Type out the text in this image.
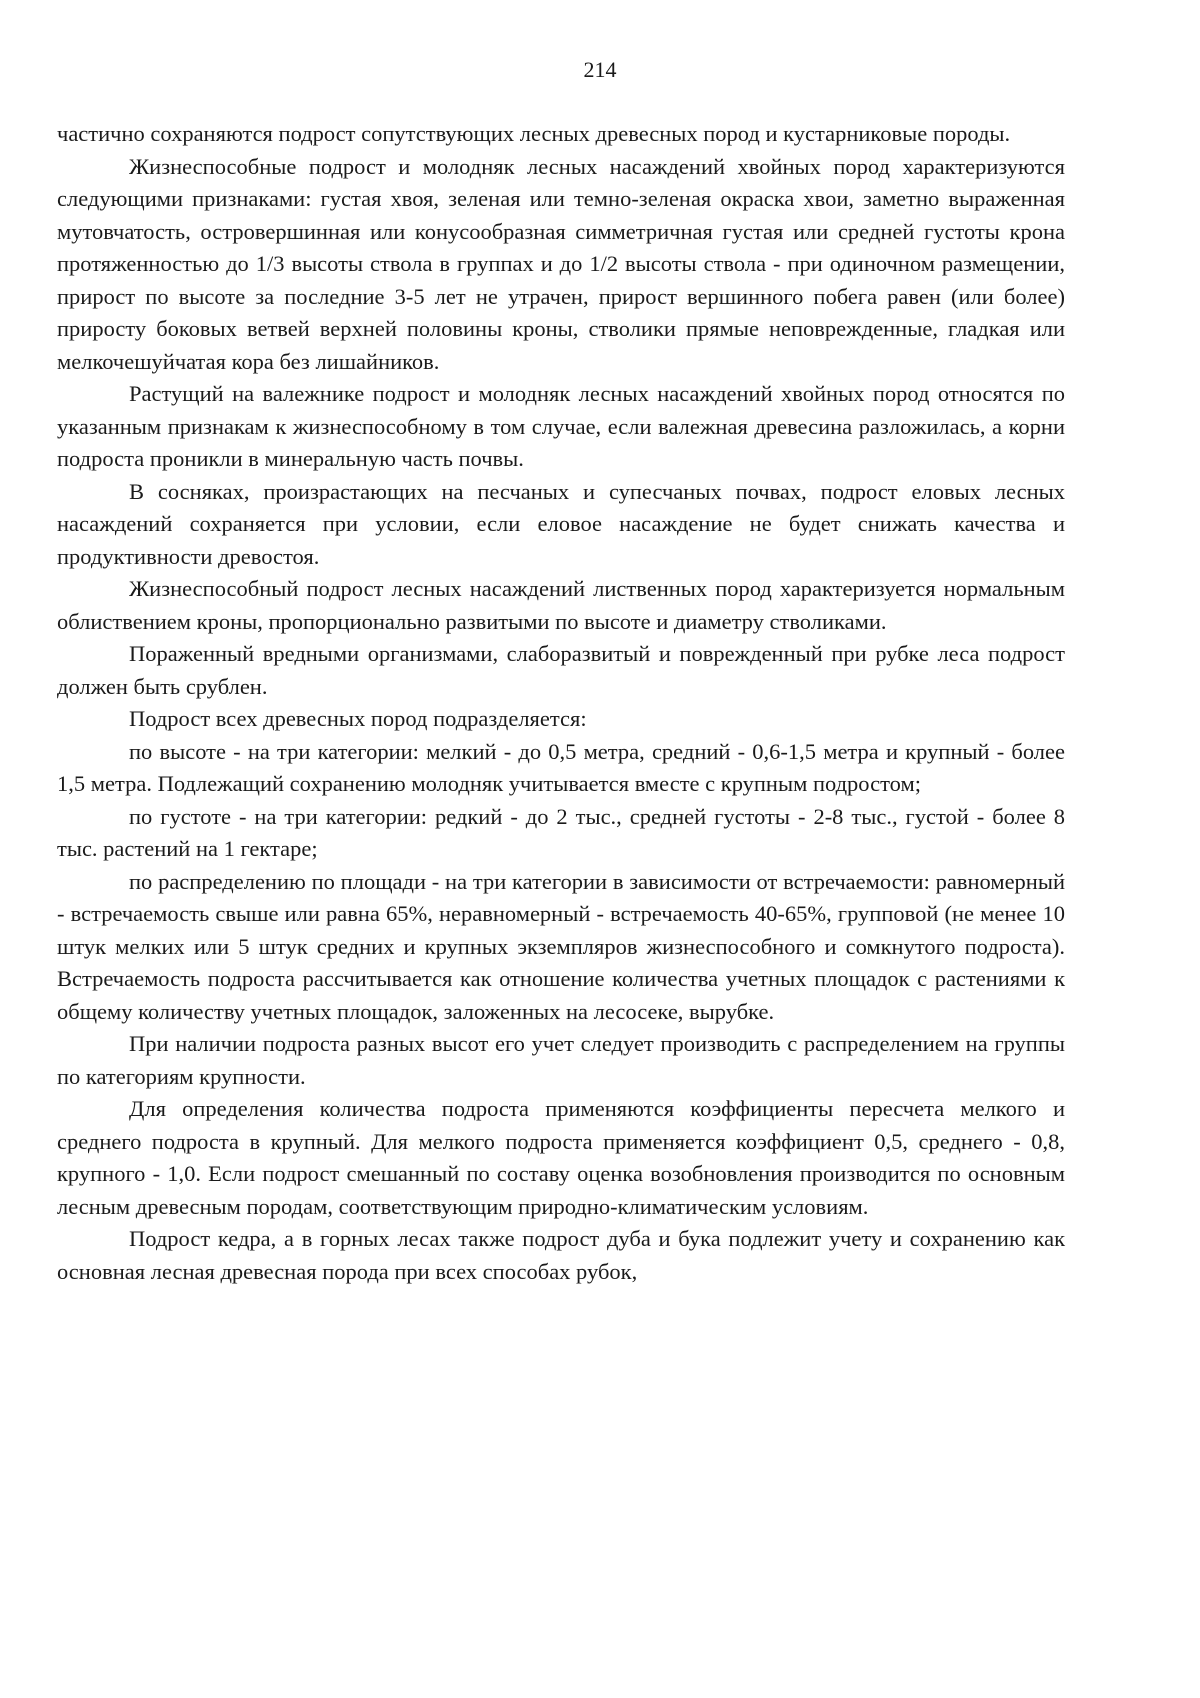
214

частично сохраняются подрост сопутствующих лесных древесных пород и кустарниковые породы.

Жизнеспособные подрост и молодняк лесных насаждений хвойных пород характеризуются следующими признаками: густая хвоя, зеленая или темно-зеленая окраска хвои, заметно выраженная мутовчатость, островершинная или конусообразная симметричная густая или средней густоты крона протяженностью до 1/3 высоты ствола в группах и до 1/2 высоты ствола - при одиночном размещении, прирост по высоте за последние 3-5 лет не утрачен, прирост вершинного побега равен (или более) приросту боковых ветвей верхней половины кроны, стволики прямые неповрежденные, гладкая или мелкочешуйчатая кора без лишайников.

Растущий на валежнике подрост и молодняк лесных насаждений хвойных пород относятся по указанным признакам к жизнеспособному в том случае, если валежная древесина разложилась, а корни подроста проникли в минеральную часть почвы.

В сосняках, произрастающих на песчаных и супесчаных почвах, подрост еловых лесных насаждений сохраняется при условии, если еловое насаждение не будет снижать качества и продуктивности древостоя.

Жизнеспособный подрост лесных насаждений лиственных пород характеризуется нормальным облиствением кроны, пропорционально развитыми по высоте и диаметру стволиками.

Пораженный вредными организмами, слаборазвитый и поврежденный при рубке леса подрост должен быть срублен.

Подрост всех древесных пород подразделяется:

по высоте - на три категории: мелкий - до 0,5 метра, средний - 0,6-1,5 метра и крупный - более 1,5 метра. Подлежащий сохранению молодняк учитывается вместе с крупным подростом;

по густоте - на три категории: редкий - до 2 тыс., средней густоты - 2-8 тыс., густой - более 8 тыс. растений на 1 гектаре;

по распределению по площади - на три категории в зависимости от встречаемости: равномерный - встречаемость свыше или равна 65%, неравномерный - встречаемость 40-65%, групповой (не менее 10 штук мелких или 5 штук средних и крупных экземпляров жизнеспособного и сомкнутого подроста). Встречаемость подроста рассчитывается как отношение количества учетных площадок с растениями к общему количеству учетных площадок, заложенных на лесосеке, вырубке.

При наличии подроста разных высот его учет следует производить с распределением на группы по категориям крупности.

Для определения количества подроста применяются коэффициенты пересчета мелкого и среднего подроста в крупный. Для мелкого подроста применяется коэффициент 0,5, среднего - 0,8, крупного - 1,0. Если подрост смешанный по составу оценка возобновления производится по основным лесным древесным породам, соответствующим природно-климатическим условиям.

Подрост кедра, а в горных лесах также подрост дуба и бука подлежит учету и сохранению как основная лесная древесная порода при всех способах рубок,
